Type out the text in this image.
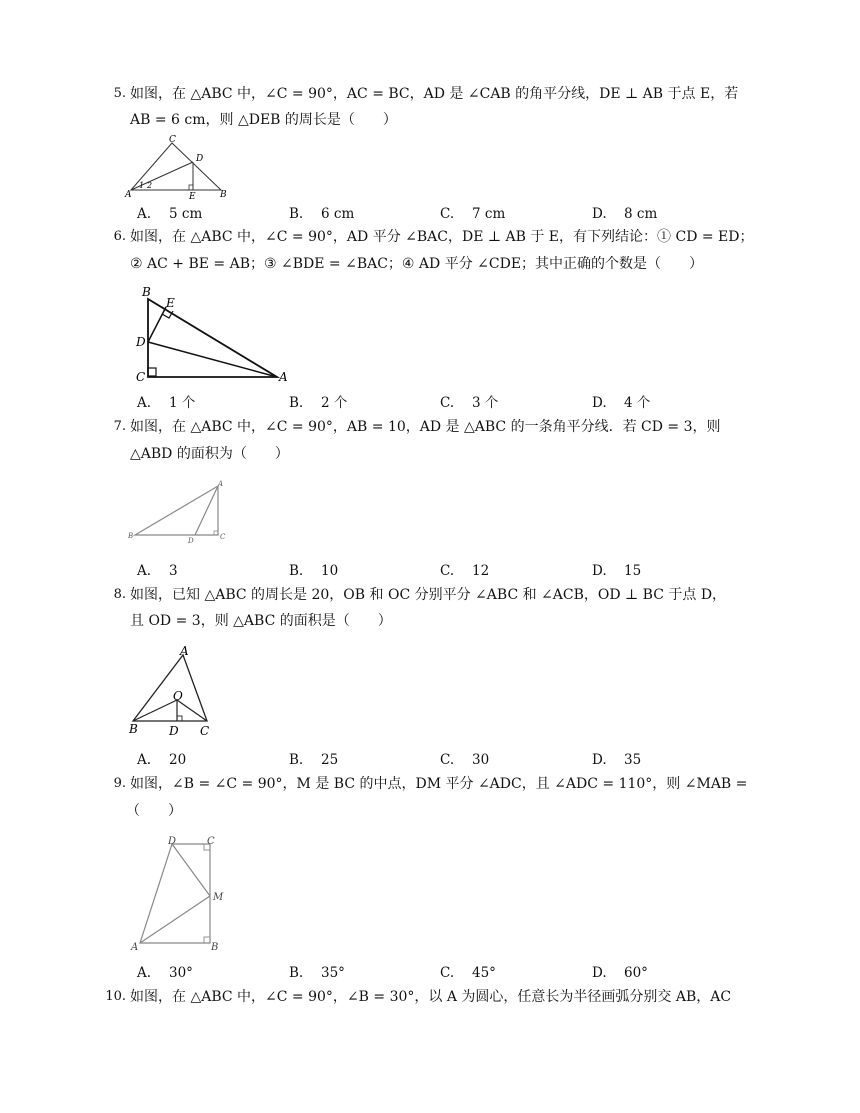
5. 如图，在 △ABC 中，∠C = 90°，AC = BC，AD 是 ∠CAB 的角平分线，DE ⊥ AB 于点 E，若
AB = 6 cm，则 △DEB 的周长是（　　）
C
D
A
1 2
E	B
A. 5 cm	B. 6 cm	C. 7 cm	D. 8 cm
6. 如图，在 △ABC 中，∠C = 90°，AD 平分 ∠BAC，DE ⊥ AB 于 E，有下列结论：① CD = ED；
② AC + BE = AB；③ ∠BDE = ∠BAC；④ AD 平分 ∠CDE；其中正确的个数是（　　）
B
E
D
C	A
A. 1 个	B. 2 个	C. 3 个	D. 4 个
7. 如图，在 △ABC 中，∠C = 90°，AB = 10，AD 是 △ABC 的一条角平分线．若 CD = 3，则
△ABD 的面积为（　　）
A
B
D	C
A. 3	B. 10	C. 12	D. 15
8. 如图，已知 △ABC 的周长是 20，OB 和 OC 分别平分 ∠ABC 和 ∠ACB，OD ⊥ BC 于点 D，
且 OD = 3，则 △ABC 的面积是（　　）
A
O
B	D C
A. 20	B. 25	C. 30	D. 35
9. 如图，∠B = ∠C = 90°，M 是 BC 的中点，DM 平分 ∠ADC，且 ∠ADC = 110°，则 ∠MAB =
（　　）
D	C
M
A	B
A. 30°	B. 35°	C. 45°	D. 60°
10. 如图，在 △ABC 中，∠C = 90°，∠B = 30°，以 A 为圆心，任意长为半径画弧分别交 AB，AC
